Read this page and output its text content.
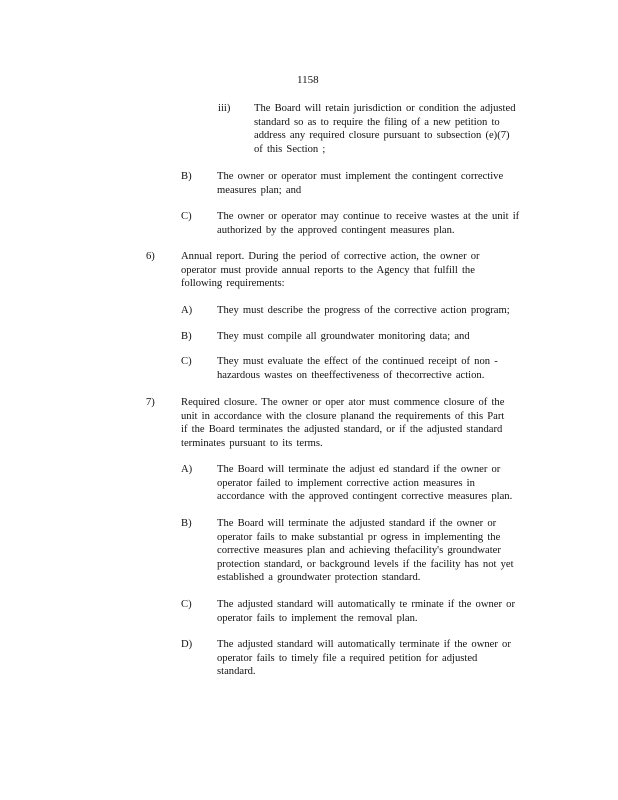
1158
iii) The Board will retain jurisdiction or condition the adjusted
standard so as to require the filing of a new petition to
address any required closure pursuant to subsection (e)(7)
of this Section ;
B) The owner or operator must implement the contingent corrective
measures plan; and
C) The owner or operator may continue to receive wastes at the unit if
authorized by the approved contingent measures plan.
6) Annual report. During the period of corrective action, the owner or
operator must provide annual reports to the Agency that fulfill the
following requirements:
A) They must describe the progress of the corrective action program;
B) They must compile all groundwater monitoring data; and
C) They must evaluate the effect of the continued receipt of non -
hazardous wastes on theeffectiveness of thecorrective action.
7) Required closure. The owner or oper ator must commence closure of the
unit in accordance with the closure planand the requirements of this Part
if the Board terminates the adjusted standard, or if the adjusted standard
terminates pursuant to its terms.
A) The Board will terminate the adjust ed standard if the owner or
operator failed to implement corrective action measures in
accordance with the approved contingent corrective measures plan.
B) The Board will terminate the adjusted standard if the owner or
operator fails to make substantial pr ogress in implementing the
corrective measures plan and achieving thefacility's groundwater
protection standard, or background levels if the facility has not yet
established a groundwater protection standard.
C) The adjusted standard will automatically te rminate if the owner or
operator fails to implement the removal plan.
D) The adjusted standard will automatically terminate if the owner or
operator fails to timely file a required petition for adjusted
standard.
